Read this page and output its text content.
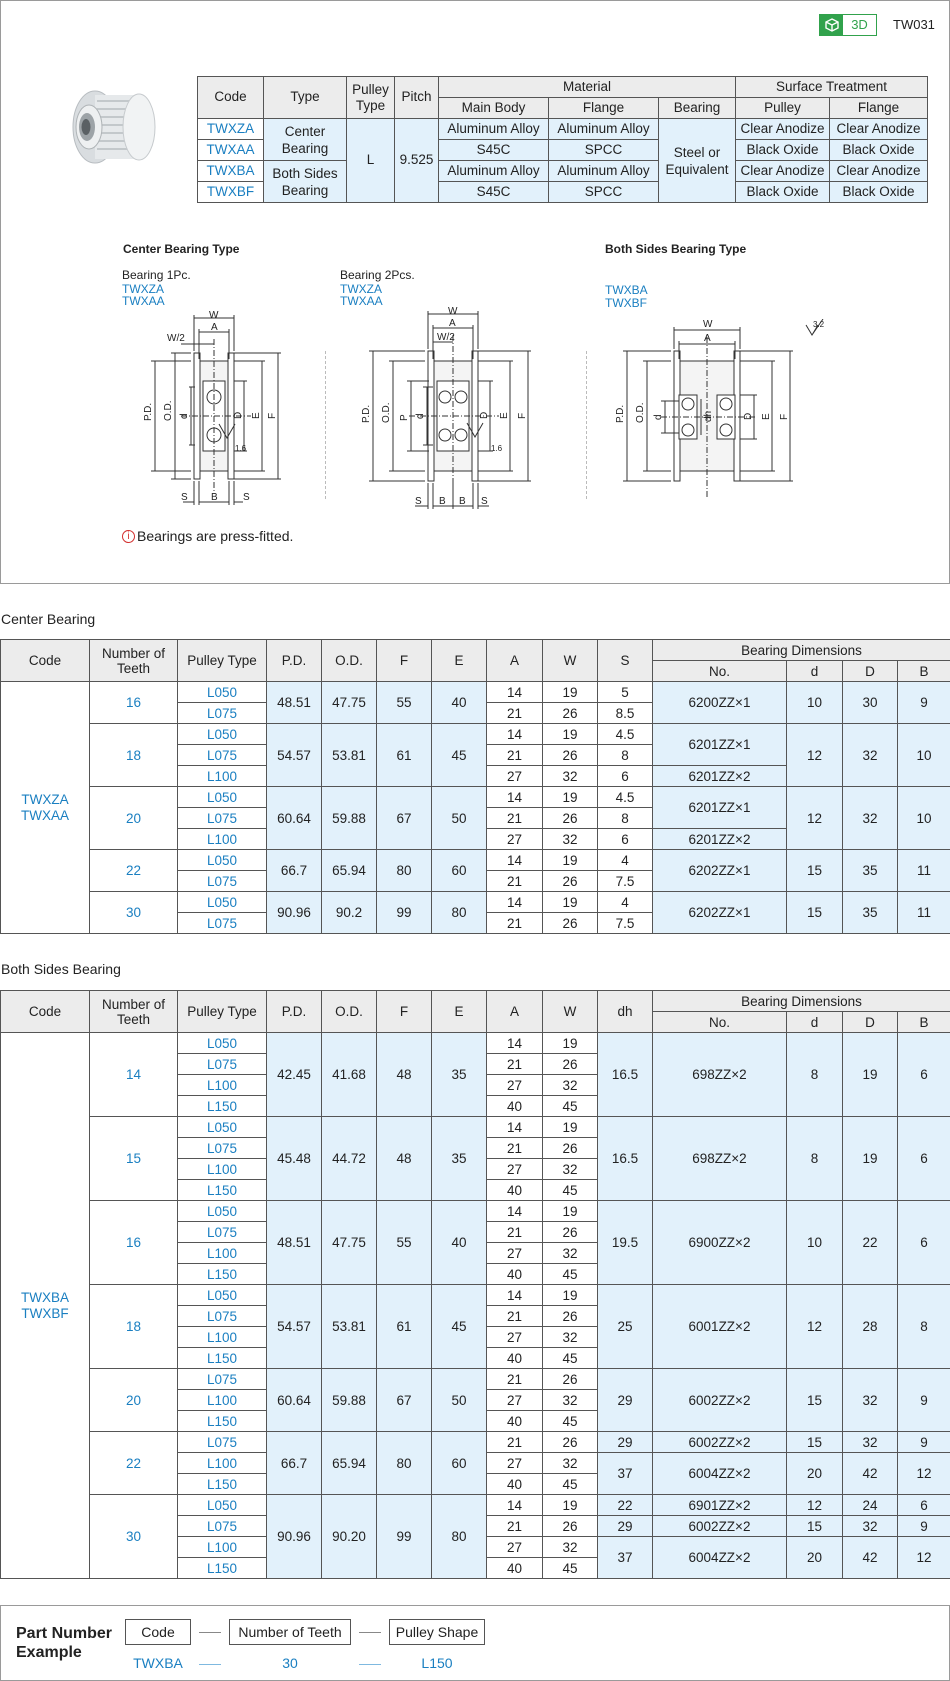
3D	TW031
Code	Type	Pulley Type	Pitch	Material			Surface Treatment	
				Main Body	Flange	Bearing	Pulley	Flange
TWXZA	Center Bearing	L	9.525	Aluminum Alloy	Aluminum Alloy	Steel or Equivalent	Clear Anodize	Clear Anodize
TWXAA				S45C	SPCC		Black Oxide	Black Oxide
TWXBA	Both Sides Bearing			Aluminum Alloy	Aluminum Alloy		Clear Anodize	Clear Anodize
TWXBF				S45C	SPCC		Black Oxide	Black Oxide
Center Bearing Type	Both Sides Bearing Type
Bearing 1Pc.
TWXZA
TWXAA
Bearing 2Pcs.
TWXZA
TWXAA
TWXBA
TWXBF
W
A
W/2
P.D. O.D. d	D E F
S B	S
1.6
W
A
W/2
P.D. O.D. P d	D E F
S B B S
1.6
W
A
P.D. O.D. d	dh	D E F
3.2
i Bearings are press-fitted.
Center Bearing
Code	Number of Teeth	Pulley Type	P.D.	O.D.	F	E	A	W	S	Bearing Dimensions			
										No.	d	D	B

TWXZA
TWXAA	16	L050	48.51	47.75	55	40	14	19	5	6200ZZ×1	10	30	9
		L075					21	26	8.5				
	18	L050	54.57	53.81	61	45	14	19	4.5	6201ZZ×1	12	32	10
		L075					21	26	8				
		L100					27	32	6	6201ZZ×2			
	20	L050	60.64	59.88	67	50	14	19	4.5	6201ZZ×1	12	32	10
		L075					21	26	8				
		L100					27	32	6	6201ZZ×2			
	22	L050	66.7	65.94	80	60	14	19	4	6202ZZ×1	15	35	11
		L075					21	26	7.5				
	30	L050	90.96	90.2	99	80	14	19	4	6202ZZ×1	15	35	11
		L075					21	26	7.5				
Both Sides Bearing
Code	Number of Teeth	Pulley Type	P.D.	O.D.	F	E	A	W	dh	Bearing Dimensions			
										No.	d	D	B

TWXBA
TWXBF	14	L050	42.45	41.68	48	35	14	19	16.5	698ZZ×2	8	19	6
		L075					21	26					
		L100					27	32					
		L150					40	45					
	15	L050	45.48	44.72	48	35	14	19	16.5	698ZZ×2	8	19	6
		L075					21	26					
		L100					27	32					
		L150					40	45					
	16	L050	48.51	47.75	55	40	14	19	19.5	6900ZZ×2	10	22	6
		L075					21	26					
		L100					27	32					
		L150					40	45					
	18	L050	54.57	53.81	61	45	14	19	25	6001ZZ×2	12	28	8
		L075					21	26					
		L100					27	32					
		L150					40	45					
	20	L075	60.64	59.88	67	50	21	26	29	6002ZZ×2	15	32	9
		L100					27	32					
		L150					40	45					
	22	L075	66.7	65.94	80	60	21	26	29	6002ZZ×2	15	32	9
		L100					27	32	37	6004ZZ×2	20	42	12
		L150					40	45					
	30	L050	90.96	90.20	99	80	14	19	22	6901ZZ×2	12	24	6
		L075					21	26	29	6002ZZ×2	15	32	9
		L100					27	32	37	6004ZZ×2	20	42	12
		L150					40	45					
Part Number
Example
Code	Number of Teeth	Pulley Shape
TWXBA	30	L150
